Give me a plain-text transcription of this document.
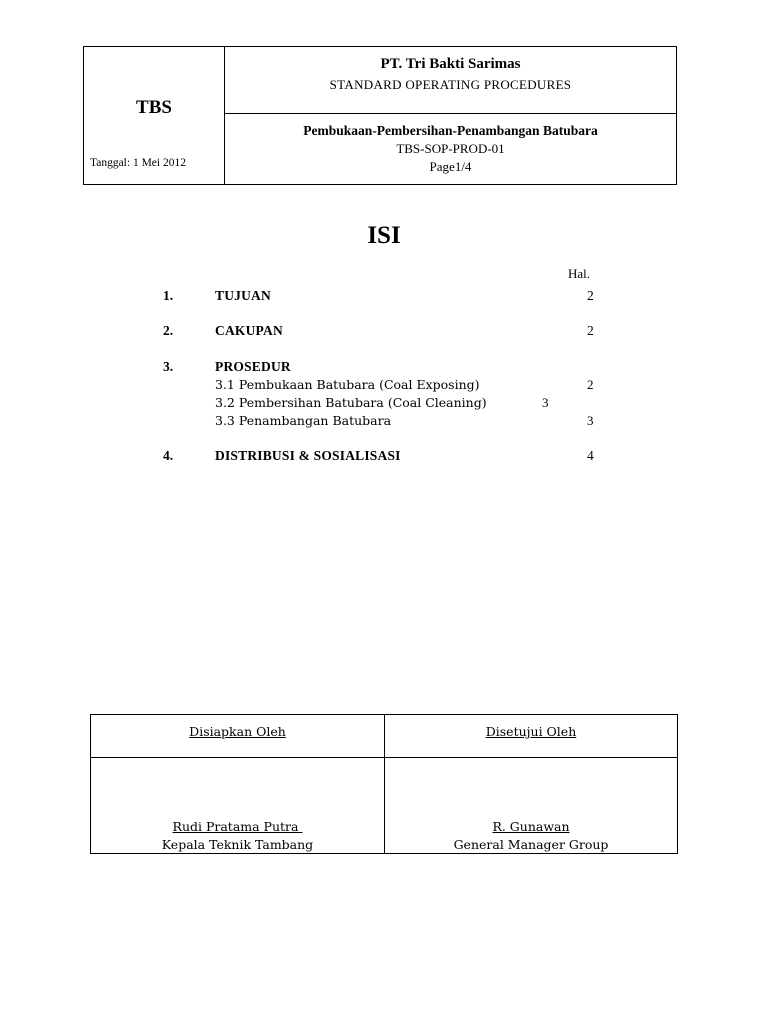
TBS
Tanggal: 1 Mei 2012
PT. Tri Bakti Sarimas
STANDARD OPERATING PROCEDURES
Pembukaan-Pembersihan-Penambangan Batubara
TBS-SOP-PROD-01
Page1/4
ISI
Hal.
1.	TUJUAN	2
2.	CAKUPAN	2
3.	PROSEDUR
3.1 Pembukaan Batubara (Coal Exposing)	2
3.2 Pembersihan Batubara (Coal Cleaning)	3
3.3 Penambangan Batubara	3
4.	DISTRIBUSI & SOSIALISASI	4
Disiapkan Oleh	Disetujui Oleh
Rudi Pratama Putra
Kepala Teknik Tambang
R. Gunawan
General Manager Group
